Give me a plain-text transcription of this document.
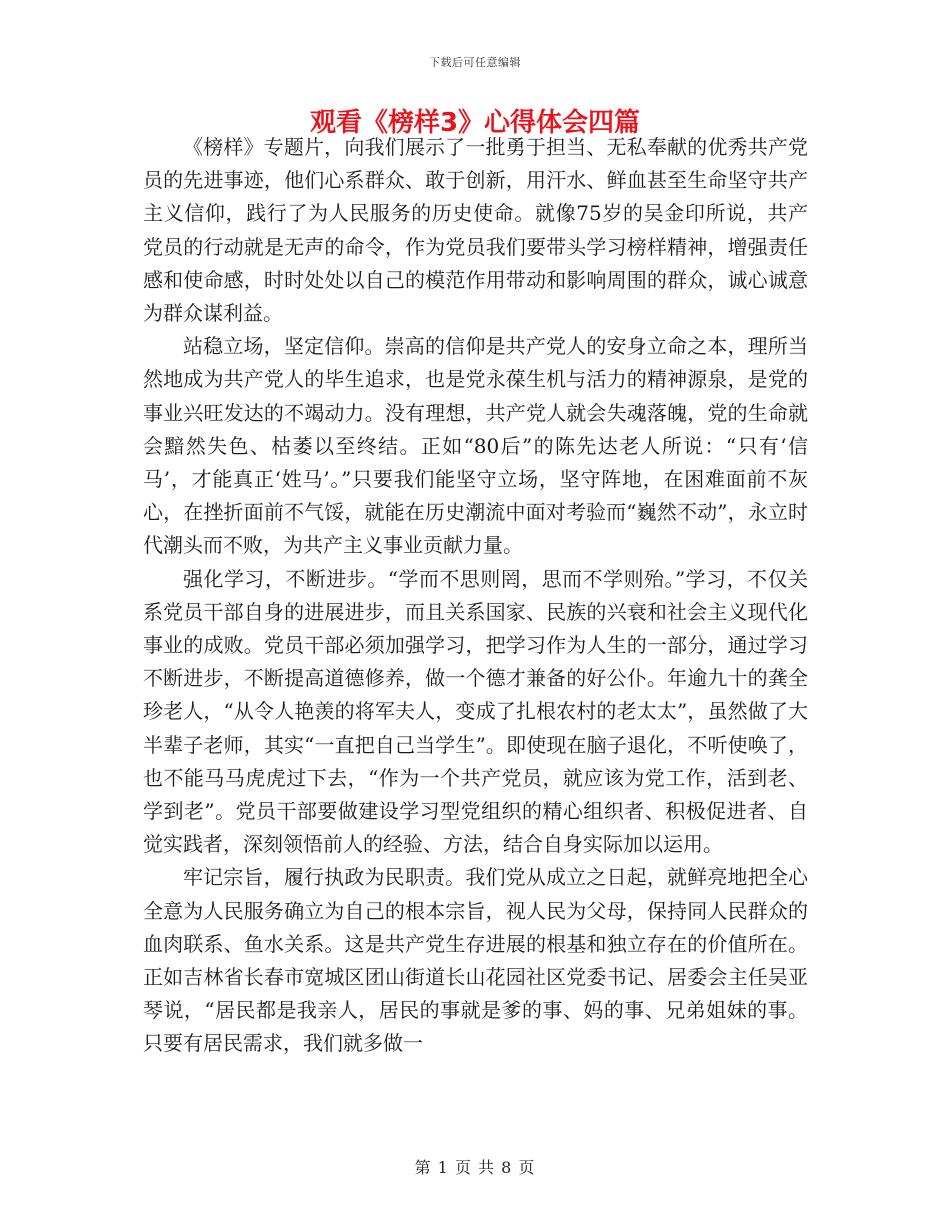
下载后可任意编辑
观看《榜样3》心得体会四篇

《榜样》专题片，向我们展示了一批勇于担当、无私奉献的优秀共产党员的先进事迹，他们心系群众、敢于创新，用汗水、鲜血甚至生命坚守共产主义信仰，践行了为人民服务的历史使命。就像75岁的吴金印所说，共产党员的行动就是无声的命令，作为党员我们要带头学习榜样精神，增强责任感和使命感，时时处处以自己的模范作用带动和影响周围的群众，诚心诚意为群众谋利益。

站稳立场，坚定信仰。崇高的信仰是共产党人的安身立命之本，理所当然地成为共产党人的毕生追求，也是党永葆生机与活力的精神源泉，是党的事业兴旺发达的不竭动力。没有理想，共产党人就会失魂落魄，党的生命就会黯然失色、枯萎以至终结。正如“80后”的陈先达老人所说：“只有‘信马’，才能真正‘姓马’。”只要我们能坚守立场，坚守阵地，在困难面前不灰心，在挫折面前不气馁，就能在历史潮流中面对考验而“巍然不动”，永立时代潮头而不败，为共产主义事业贡献力量。

强化学习，不断进步。“学而不思则罔，思而不学则殆。”学习，不仅关系党员干部自身的进展进步，而且关系国家、民族的兴衰和社会主义现代化事业的成败。党员干部必须加强学习，把学习作为人生的一部分，通过学习不断进步，不断提高道德修养，做一个德才兼备的好公仆。年逾九十的龚全珍老人，“从令人艳羡的将军夫人，变成了扎根农村的老太太”，虽然做了大半辈子老师，其实“一直把自己当学生”。即使现在脑子退化，不听使唤了，也不能马马虎虎过下去，“作为一个共产党员，就应该为党工作，活到老、学到老”。党员干部要做建设学习型党组织的精心组织者、积极促进者、自觉实践者，深刻领悟前人的经验、方法，结合自身实际加以运用。

牢记宗旨，履行执政为民职责。我们党从成立之日起，就鲜亮地把全心全意为人民服务确立为自己的根本宗旨，视人民为父母，保持同人民群众的血肉联系、鱼水关系。这是共产党生存进展的根基和独立存在的价值所在。正如吉林省长春市宽城区团山街道长山花园社区党委书记、居委会主任吴亚琴说，“居民都是我亲人，居民的事就是爹的事、妈的事、兄弟姐妹的事。只要有居民需求，我们就多做一

第 1 页 共 8 页
